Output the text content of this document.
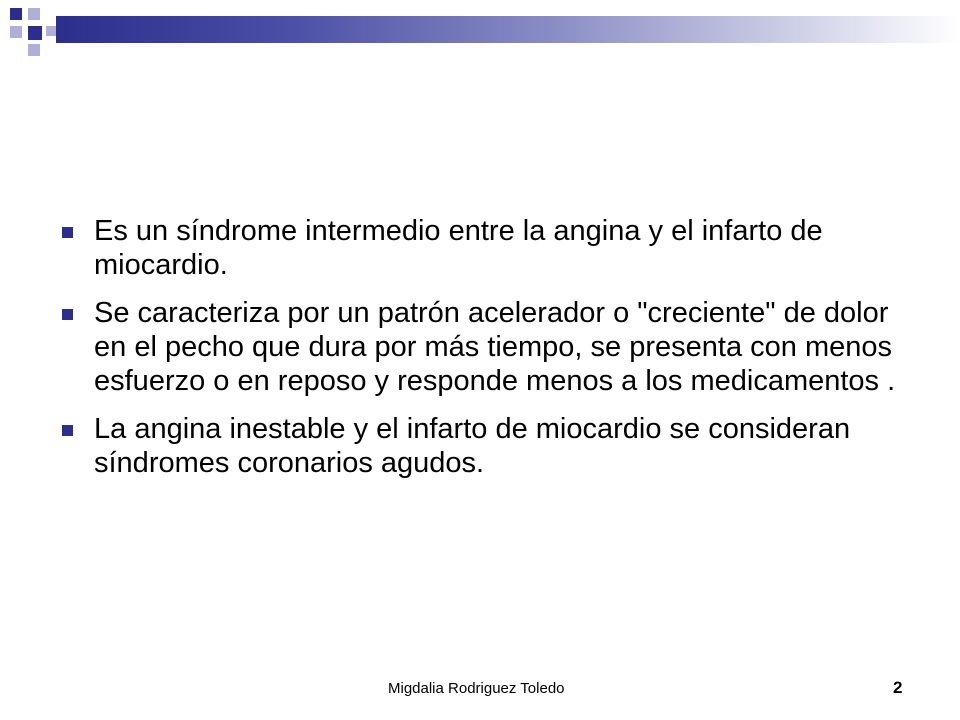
Es un síndrome intermedio entre la angina y el infarto de miocardio.
Se caracteriza por un patrón acelerador o "creciente" de dolor en el pecho que dura por más tiempo, se presenta con menos esfuerzo o en reposo y responde menos a los medicamentos .
La angina inestable y el infarto de miocardio se consideran síndromes coronarios agudos.
Migdalia Rodriguez Toledo	2
